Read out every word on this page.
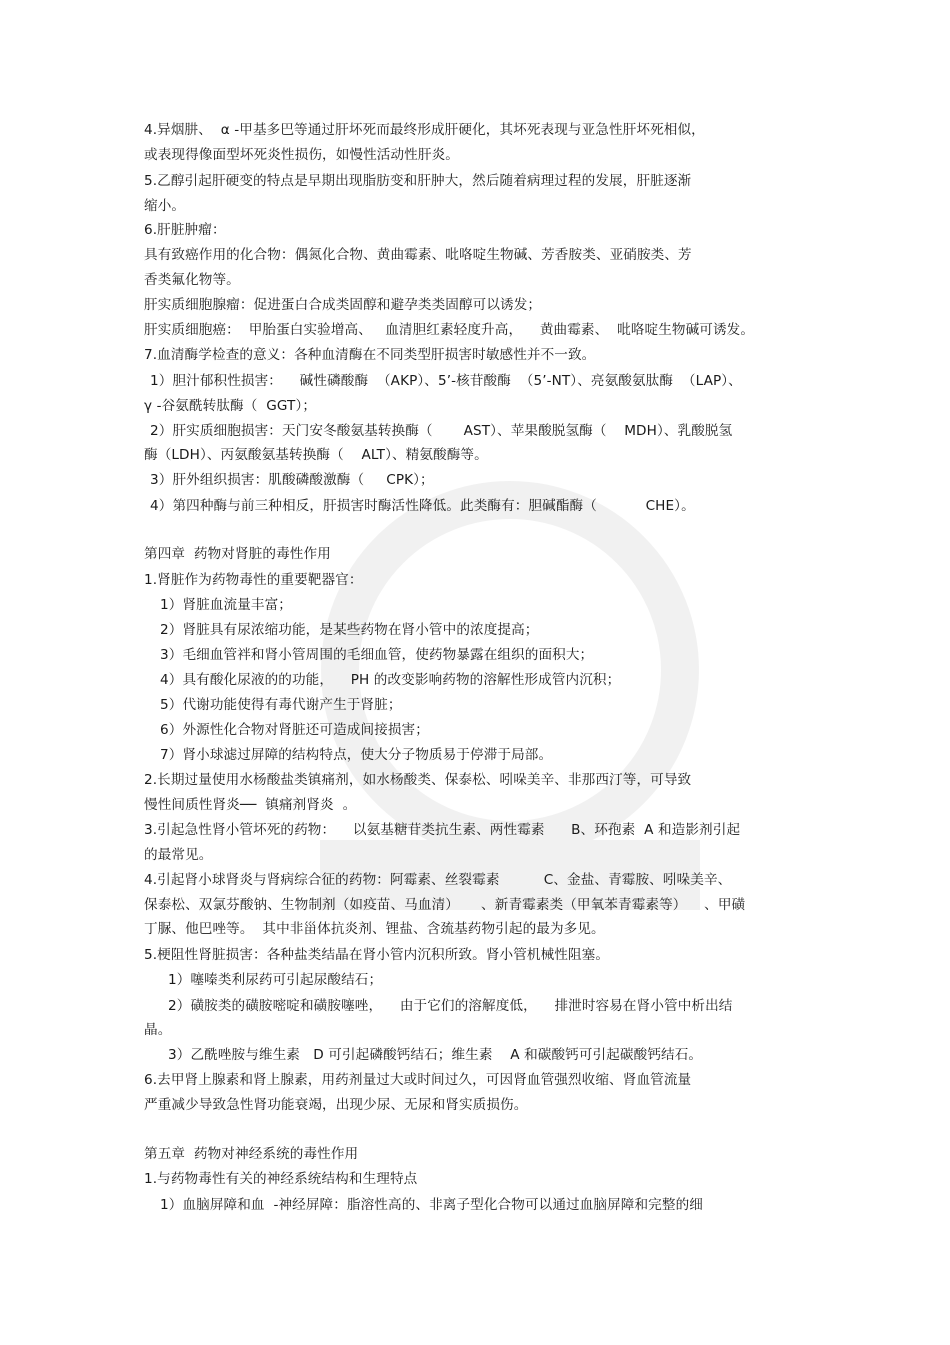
4.异烟肼、  α -甲基多巴等通过肝坏死而最终形成肝硬化，其坏死表现与亚急性肝坏死相似，
或表现得像面型坏死炎性损伤，如慢性活动性肝炎。
5.乙醇引起肝硬变的特点是早期出现脂肪变和肝肿大，然后随着病理过程的发展，肝脏逐渐
缩小。
6.肝脏肿瘤：
具有致癌作用的化合物：偶氮化合物、黄曲霉素、吡咯啶生物碱、芳香胺类、亚硝胺类、芳
香类氟化物等。
肝实质细胞腺瘤：促进蛋白合成类固醇和避孕类类固醇可以诱发；
肝实质细胞癌：  甲胎蛋白实验增高、   血清胆红素轻度升高，    黄曲霉素、  吡咯啶生物碱可诱发。
7.血清酶学检查的意义：各种血清酶在不同类型肝损害时敏感性并不一致。
1）胆汁郁积性损害：    碱性磷酸酶  （AKP）、5’-核苷酸酶  （5’-NT）、亮氨酸氨肽酶  （LAP）、
γ -谷氨酰转肽酶（  GGT）；
2）肝实质细胞损害：天门安冬酸氨基转换酶（       AST）、苹果酸脱氢酶（    MDH）、乳酸脱氢
酶（LDH）、丙氨酸氨基转换酶（    ALT）、精氨酸酶等。
3）肝外组织损害：肌酸磷酸激酶（     CPK）；
4）第四种酶与前三种相反，肝损害时酶活性降低。此类酶有：胆碱酯酶（           CHE）。
第四章  药物对肾脏的毒性作用
1.肾脏作为药物毒性的重要靶器官：
1）肾脏血流量丰富；
2）肾脏具有尿浓缩功能，是某些药物在肾小管中的浓度提高；
3）毛细血管袢和肾小管周围的毛细血管，使药物暴露在组织的面积大；
4）具有酸化尿液的的功能，    PH 的改变影响药物的溶解性形成管内沉积；
5）代谢功能使得有毒代谢产生于肾脏；
6）外源性化合物对肾脏还可造成间接损害；
7）肾小球滤过屏障的结构特点，使大分子物质易于停滞于局部。
2.长期过量使用水杨酸盐类镇痛剂，如水杨酸类、保泰松、吲哚美辛、非那西汀等，可导致
慢性间质性肾炎──  镇痛剂肾炎  。
3.引起急性肾小管坏死的药物：    以氨基糖苷类抗生素、两性霉素      B、环孢素  A 和造影剂引起
的最常见。
4.引起肾小球肾炎与肾病综合征的药物：阿霉素、丝裂霉素          C、金盐、青霉胺、吲哚美辛、
保泰松、双氯芬酸钠、生物制剂（如疫苗、马血清）     、新青霉素类（甲氧苯青霉素等）    、甲磺
丁脲、他巴唑等。  其中非甾体抗炎剂、锂盐、含巯基药物引起的最为多见。
5.梗阻性肾脏损害：各种盐类结晶在肾小管内沉积所致。肾小管机械性阻塞。
1）噻嗪类利尿药可引起尿酸结石；
2）磺胺类的磺胺嘧啶和磺胺噻唑，    由于它们的溶解度低，    排泄时容易在肾小管中析出结
晶。
3）乙酰唑胺与维生素   D 可引起磷酸钙结石；维生素    A 和碳酸钙可引起碳酸钙结石。
6.去甲肾上腺素和肾上腺素，用药剂量过大或时间过久，可因肾血管强烈收缩、肾血管流量
严重减少导致急性肾功能衰竭，出现少尿、无尿和肾实质损伤。
第五章  药物对神经系统的毒性作用
1.与药物毒性有关的神经系统结构和生理特点
1）血脑屏障和血  -神经屏障：脂溶性高的、非离子型化合物可以通过血脑屏障和完整的细
